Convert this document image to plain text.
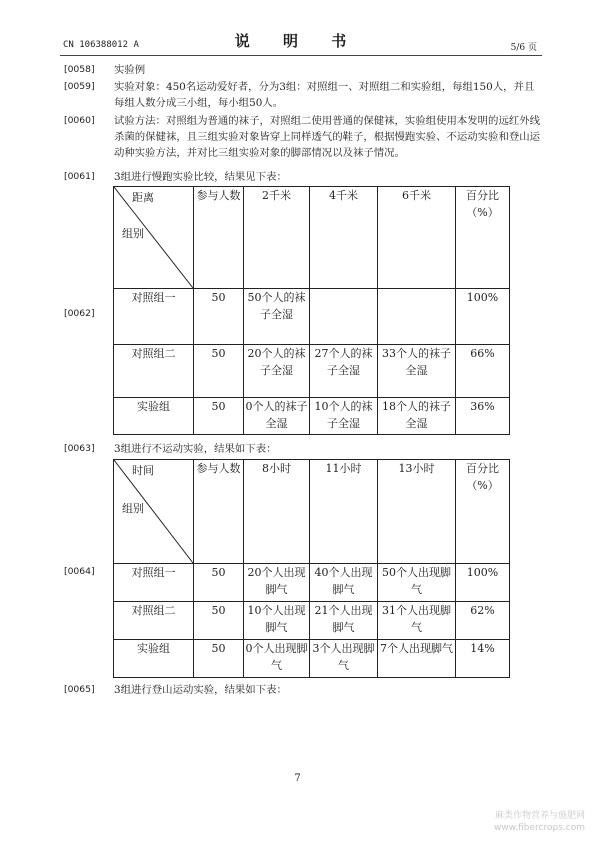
CN 106388012 A	说 明 书	5/6 页
[0058] 实验例
[0059] 实验对象：450名运动爱好者，分为3组：对照组一、对照组二和实验组，每组150人，并且每组人数分成三小组，每小组50人。
[0060] 试验方法：对照组为普通的袜子，对照组二使用普通的保健袜，实验组使用本发明的远红外线杀菌的保健袜，且三组实验对象皆穿上同样透气的鞋子，根据慢跑实验、不运动实验和登山运动种实验方法，并对比三组实验对象的脚部情况以及袜子情况。
[0061] 3组进行慢跑实验比较，结果见下表：
[0062]
距离
组别	参与人数	2千米	4千米	6千米	百分比（%）
对照组一	50	50个人的袜子全湿			100%
对照组二	50	20个人的袜子全湿	27个人的袜子全湿	33个人的袜子全湿	66%
实验组	50	0个人的袜子全湿	10个人的袜子全湿	18个人的袜子全湿	36%
[0063] 3组进行不运动实验，结果如下表：
[0064]
时间
组别	参与人数	8小时	11小时	13小时	百分比（%）
对照组一	50	20个人出现脚气	40个人出现脚气	50个人出现脚气	100%
对照组二	50	10个人出现脚气	21个人出现脚气	31个人出现脚气	62%
实验组	50	0个人出现脚气	3个人出现脚气	7个人出现脚气	14%
[0065] 3组进行登山运动实验，结果如下表：
7
麻类作物营养与施肥网
www.fibercrops.com
